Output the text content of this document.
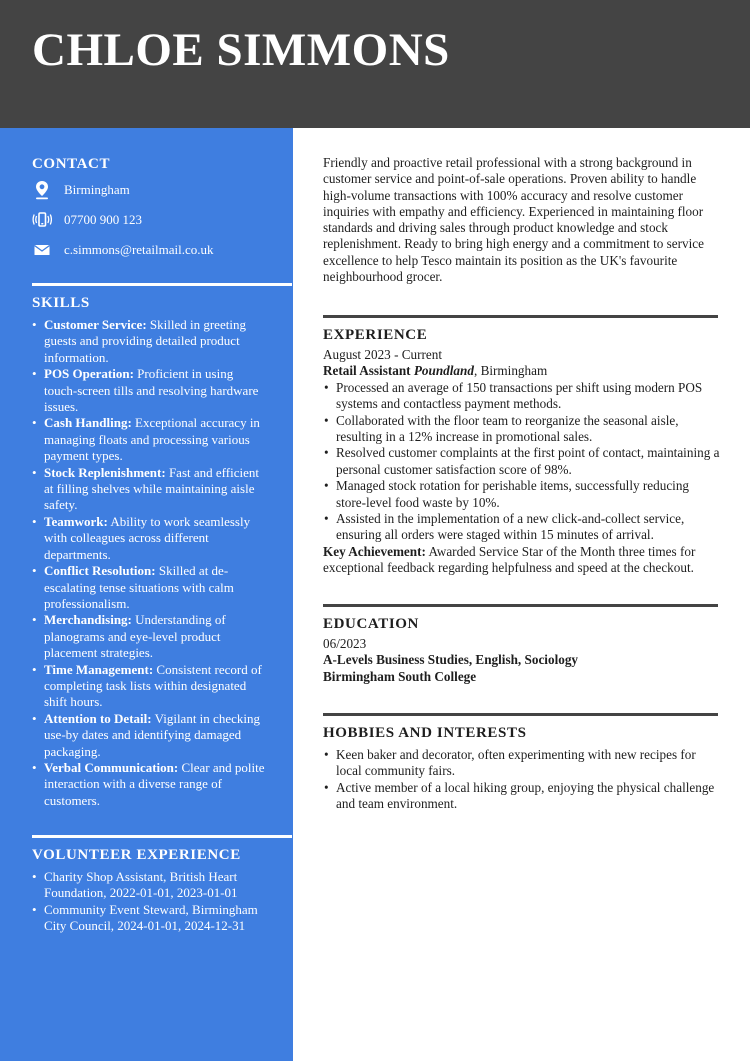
CHLOE SIMMONS
CONTACT
Birmingham
07700 900 123
c.simmons@retailmail.co.uk
SKILLS
• Customer Service: Skilled in greeting guests and providing detailed product information.
• POS Operation: Proficient in using touch-screen tills and resolving hardware issues.
• Cash Handling: Exceptional accuracy in managing floats and processing various payment types.
• Stock Replenishment: Fast and efficient at filling shelves while maintaining aisle safety.
• Teamwork: Ability to work seamlessly with colleagues across different departments.
• Conflict Resolution: Skilled at de-escalating tense situations with calm professionalism.
• Merchandising: Understanding of planograms and eye-level product placement strategies.
• Time Management: Consistent record of completing task lists within designated shift hours.
• Attention to Detail: Vigilant in checking use-by dates and identifying damaged packaging.
• Verbal Communication: Clear and polite interaction with a diverse range of customers.
VOLUNTEER EXPERIENCE
• Charity Shop Assistant, British Heart Foundation, 2022-01-01, 2023-01-01
• Community Event Steward, Birmingham City Council, 2024-01-01, 2024-12-31
Friendly and proactive retail professional with a strong background in customer service and point-of-sale operations. Proven ability to handle high-volume transactions with 100% accuracy and resolve customer inquiries with empathy and efficiency. Experienced in maintaining floor standards and driving sales through product knowledge and stock replenishment. Ready to bring high energy and a commitment to service excellence to help Tesco maintain its position as the UK's favourite neighbourhood grocer.
EXPERIENCE
August 2023 - Current
Retail Assistant Poundland, Birmingham
• Processed an average of 150 transactions per shift using modern POS systems and contactless payment methods.
• Collaborated with the floor team to reorganize the seasonal aisle, resulting in a 12% increase in promotional sales.
• Resolved customer complaints at the first point of contact, maintaining a personal customer satisfaction score of 98%.
• Managed stock rotation for perishable items, successfully reducing store-level food waste by 10%.
• Assisted in the implementation of a new click-and-collect service, ensuring all orders were staged within 15 minutes of arrival.
Key Achievement: Awarded Service Star of the Month three times for exceptional feedback regarding helpfulness and speed at the checkout.
EDUCATION
06/2023
A-Levels Business Studies, English, Sociology
Birmingham South College
HOBBIES AND INTERESTS
• Keen baker and decorator, often experimenting with new recipes for local community fairs.
• Active member of a local hiking group, enjoying the physical challenge and team environment.
